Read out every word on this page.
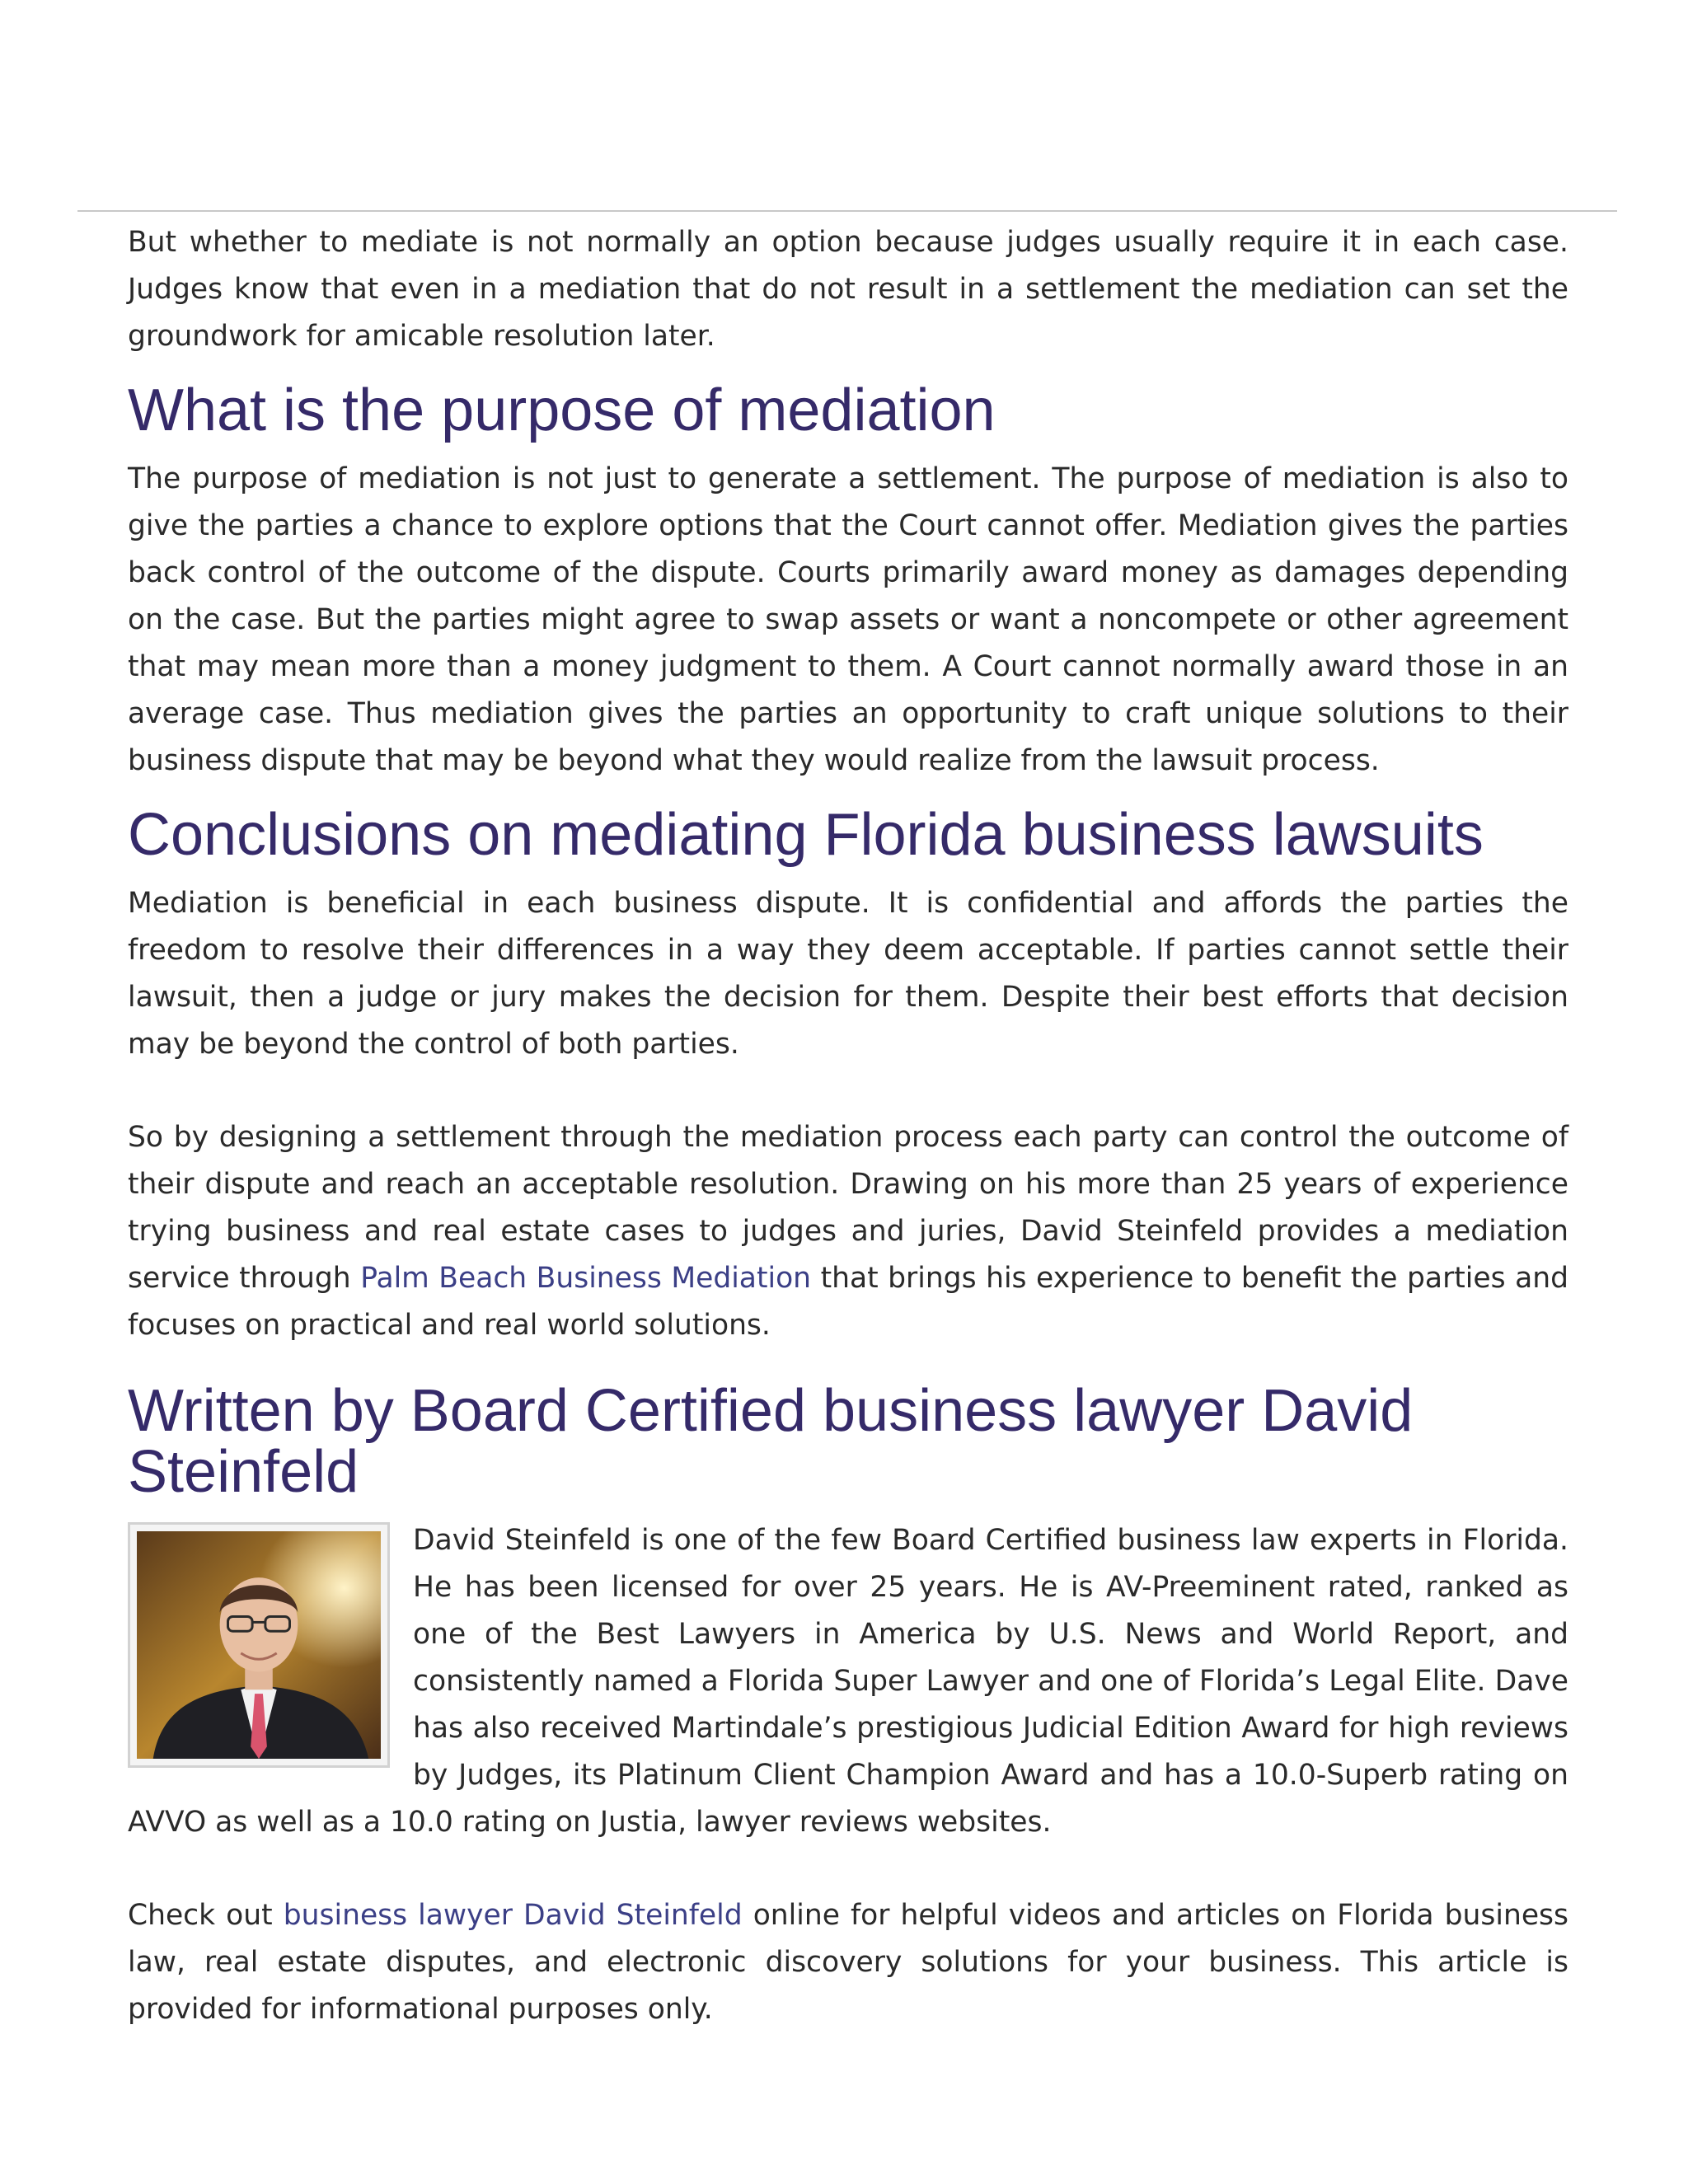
But whether to mediate is not normally an option because judges usually require it in each case. Judges know that even in a mediation that do not result in a settlement the mediation can set the groundwork for amicable resolution later.

What is the purpose of mediation

The purpose of mediation is not just to generate a settlement. The purpose of mediation is also to give the parties a chance to explore options that the Court cannot offer. Mediation gives the parties back control of the outcome of the dispute. Courts primarily award money as damages depending on the case. But the parties might agree to swap assets or want a noncompete or other agreement that may mean more than a money judgment to them. A Court cannot normally award those in an average case. Thus mediation gives the parties an opportunity to craft unique solutions to their business dispute that may be beyond what they would realize from the lawsuit process.

Conclusions on mediating Florida business lawsuits

Mediation is beneficial in each business dispute. It is confidential and affords the parties the freedom to resolve their differences in a way they deem acceptable. If parties cannot settle their lawsuit, then a judge or jury makes the decision for them. Despite their best efforts that decision may be beyond the control of both parties.

So by designing a settlement through the mediation process each party can control the outcome of their dispute and reach an acceptable resolution. Drawing on his more than 25 years of experience trying business and real estate cases to judges and juries, David Steinfeld provides a mediation service through Palm Beach Business Mediation that brings his experience to benefit the parties and focuses on practical and real world solutions.

Written by Board Certified business lawyer David Steinfeld

David Steinfeld is one of the few Board Certified business law experts in Florida. He has been licensed for over 25 years. He is AV-Preeminent rated, ranked as one of the Best Lawyers in America by U.S. News and World Report, and consistently named a Florida Super Lawyer and one of Florida’s Legal Elite. Dave has also received Martindale’s prestigious Judicial Edition Award for high reviews by Judges, its Platinum Client Champion Award and has a 10.0-Superb rating on AVVO as well as a 10.0 rating on Justia, lawyer reviews websites.

Check out business lawyer David Steinfeld online for helpful videos and articles on Florida business law, real estate disputes, and electronic discovery solutions for your business. This article is provided for informational purposes only.
